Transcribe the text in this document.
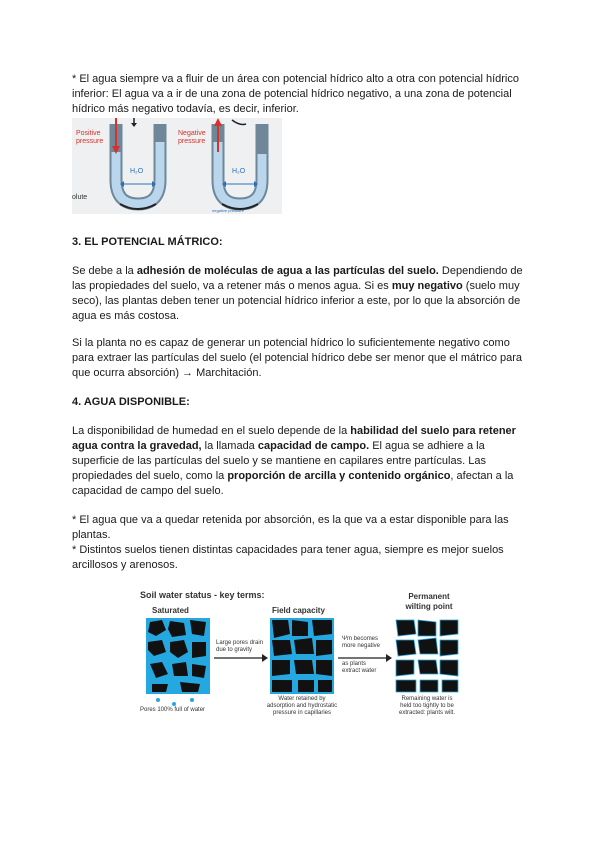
* El agua siempre va a fluir de un área con potencial hídrico alto a otra con potencial hídrico
inferior: El agua va a ir de una zona de potencial hídrico negativo, a una zona de potencial
hídrico más negativo todavía, es decir, inferior.
Positive pressure
Negative pressure
H₂O	H₂O
olute
negative pressure
3. EL POTENCIAL MÁTRICO:
Se debe a la adhesión de moléculas de agua a las partículas del suelo. Dependiendo de
las propiedades del suelo, va a retener más o menos agua. Si es muy negativo (suelo muy
seco), las plantas deben tener un potencial hídrico inferior a este, por lo que la absorción de
agua es más costosa.
Si la planta no es capaz de generar un potencial hídrico lo suficientemente negativo como
para extraer las partículas del suelo (el potencial hídrico debe ser menor que el mátrico para
que ocurra absorción) → Marchitación.
4. AGUA DISPONIBLE:
La disponibilidad de humedad en el suelo depende de la habilidad del suelo para retener
agua contra la gravedad, la llamada capacidad de campo. El agua se adhiere a la
superficie de las partículas del suelo y se mantiene en capilares entre partículas. Las
propiedades del suelo, como la proporción de arcilla y contenido orgánico, afectan a la
capacidad de campo del suelo.
* El agua que va a quedar retenida por absorción, es la que va a estar disponible para las
plantas.
* Distintos suelos tienen distintas capacidades para tener agua, siempre es mejor suelos
arcillosos y arenosos.
Soil water status - key terms:
Saturated	Field capacity
Permanent
wilting point
Large pores drain
due to gravity
Ψm becomes
more negative
as plants
extract water
Pores 100% full of water
Water retained by
adsorption and hydrostatic
pressure in capillaries
Remaining water is
held too tightly to be
extracted: plants wilt.
